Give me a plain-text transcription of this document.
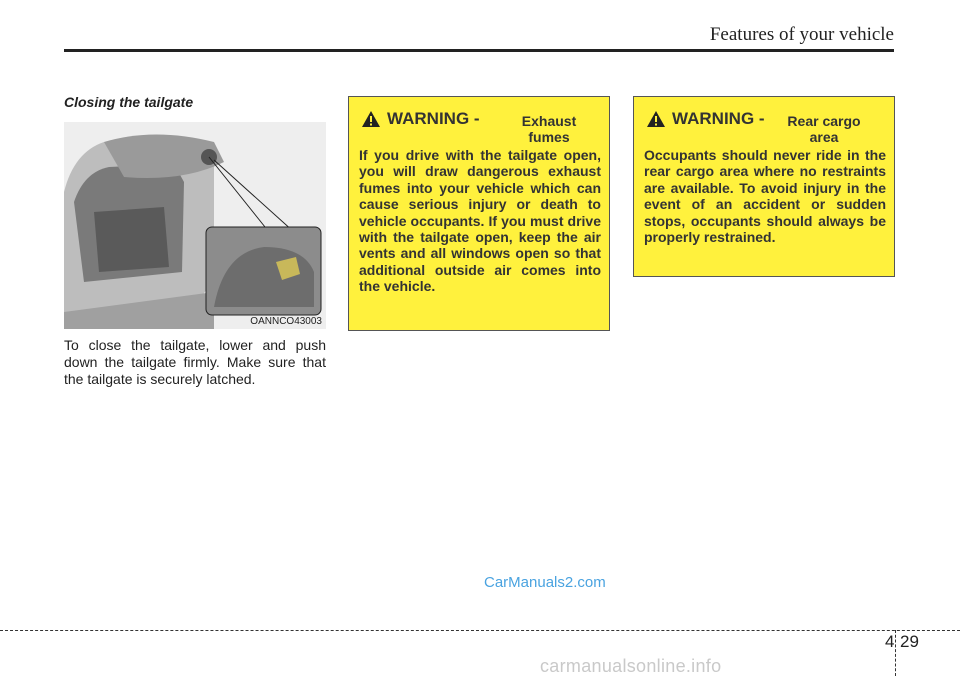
Features of your vehicle
Closing the tailgate
OANNCO43003
To close the tailgate, lower and push down the tailgate firmly. Make sure that the tailgate is securely latched.
WARNING -	Exhaust fumes
If you drive with the tailgate open, you will draw dangerous exhaust fumes into your vehicle which can cause serious injury or death to vehicle occupants. If you must drive with the tailgate open, keep the air vents and all windows open so that additional outside air comes into the vehicle.
WARNING - Rear cargo area
Occupants should never ride in the rear cargo area where no restraints are available. To avoid injury in the event of an accident or sudden stops, occupants should always be properly restrained.
CarManuals2.com
4 29
carmanualsonline.info
